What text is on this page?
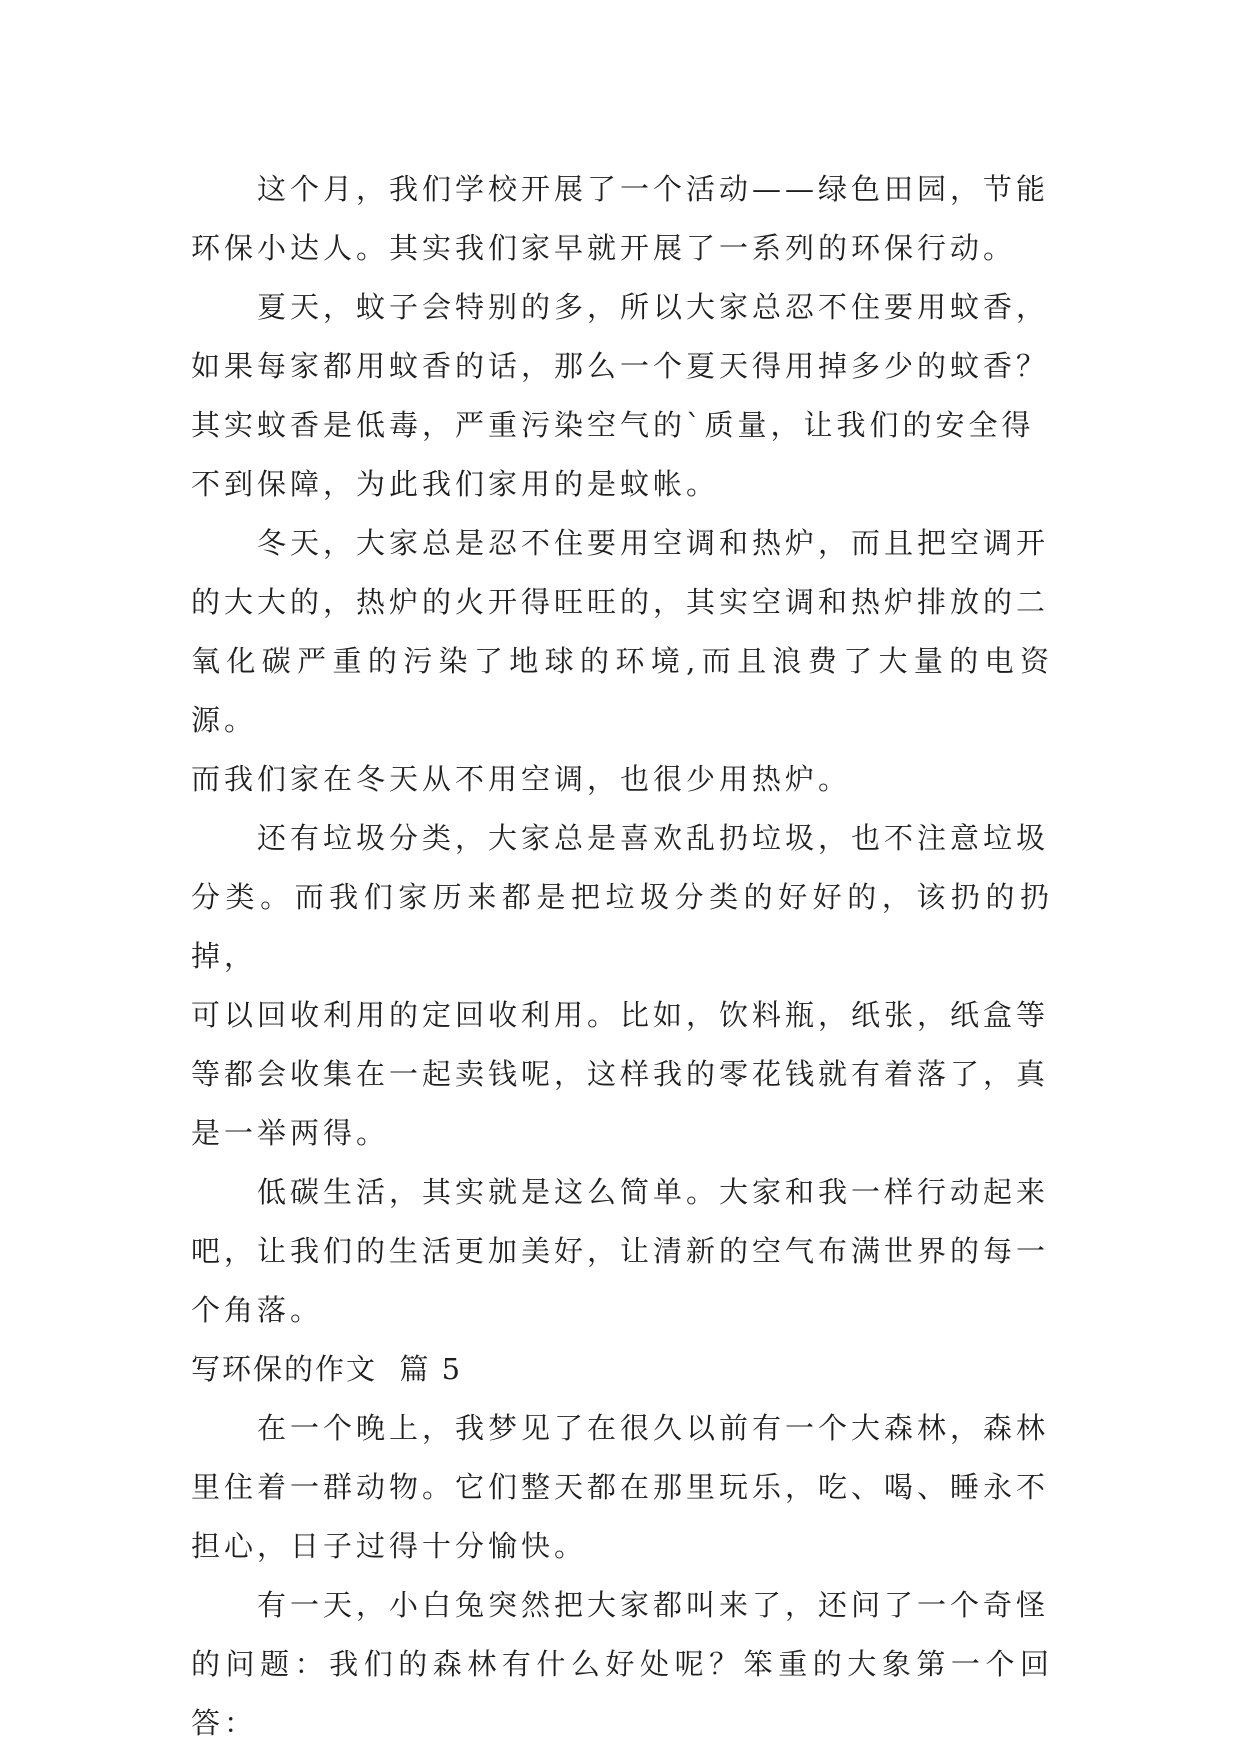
这个月，我们学校开展了一个活动——绿色田园，节能
环保小达人。其实我们家早就开展了一系列的环保行动。

夏天，蚊子会特别的多，所以大家总忍不住要用蚊香，
如果每家都用蚊香的话，那么一个夏天得用掉多少的蚊香？
其实蚊香是低毒，严重污染空气的`质量，让我们的安全得
不到保障，为此我们家用的是蚊帐。

冬天，大家总是忍不住要用空调和热炉，而且把空调开
的大大的，热炉的火开得旺旺的，其实空调和热炉排放的二
氧化碳严重的污染了地球的环境,而且浪费了大量的电资源。
而我们家在冬天从不用空调，也很少用热炉。

还有垃圾分类，大家总是喜欢乱扔垃圾，也不注意垃圾
分类。而我们家历来都是把垃圾分类的好好的，该扔的扔掉，
可以回收利用的定回收利用。比如，饮料瓶，纸张，纸盒等
等都会收集在一起卖钱呢，这样我的零花钱就有着落了，真
是一举两得。

低碳生活，其实就是这么简单。大家和我一样行动起来
吧，让我们的生活更加美好，让清新的空气布满世界的每一
个角落。

写环保的作文  篇 5

在一个晚上，我梦见了在很久以前有一个大森林，森林
里住着一群动物。它们整天都在那里玩乐，吃、喝、睡永不
担心，日子过得十分愉快。

有一天，小白兔突然把大家都叫来了，还问了一个奇怪
的问题：我们的森林有什么好处呢？笨重的大象第一个回答：
